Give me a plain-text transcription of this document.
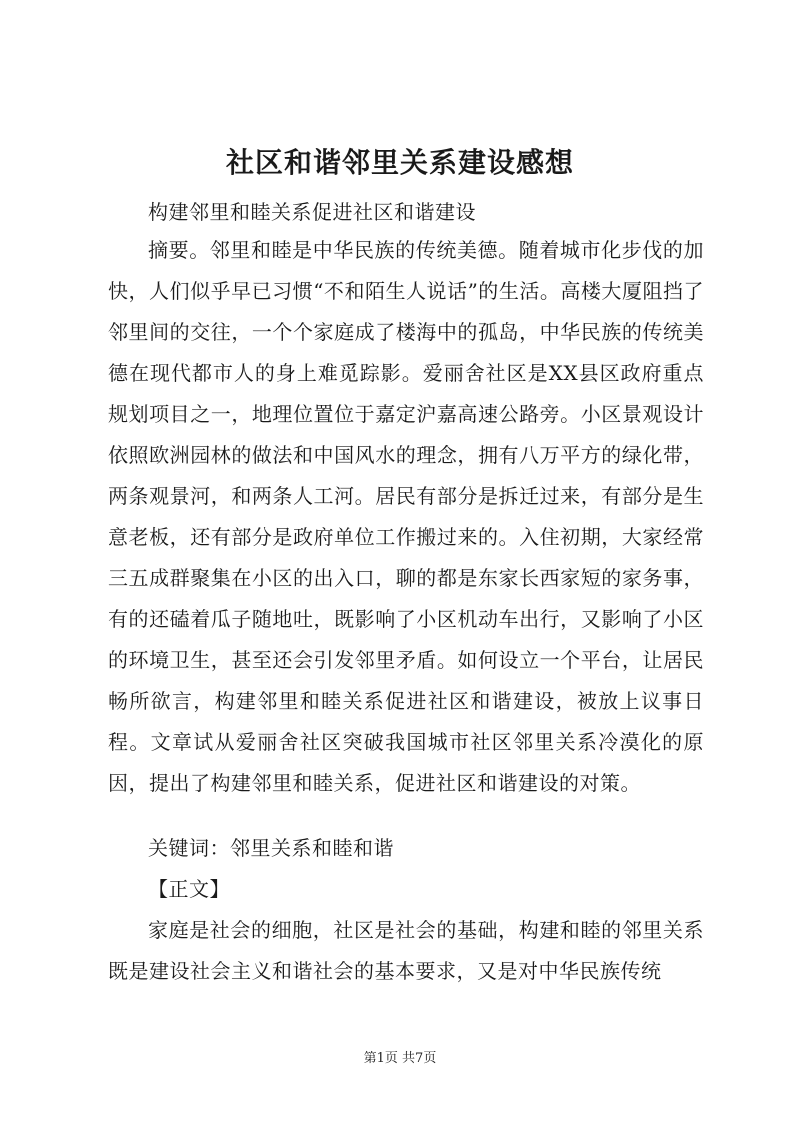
社区和谐邻里关系建设感想

构建邻里和睦关系促进社区和谐建设

摘要。邻里和睦是中华民族的传统美德。随着城市化步伐的加快，人们似乎早已习惯“不和陌生人说话”的生活。高楼大厦阻挡了邻里间的交往，一个个家庭成了楼海中的孤岛，中华民族的传统美德在现代都市人的身上难觅踪影。爱丽舍社区是XX县区政府重点规划项目之一，地理位置位于嘉定沪嘉高速公路旁。小区景观设计依照欧洲园林的做法和中国风水的理念，拥有八万平方的绿化带，两条观景河，和两条人工河。居民有部分是拆迁过来，有部分是生意老板，还有部分是政府单位工作搬过来的。入住初期，大家经常三五成群聚集在小区的出入口，聊的都是东家长西家短的家务事，有的还磕着瓜子随地吐，既影响了小区机动车出行，又影响了小区的环境卫生，甚至还会引发邻里矛盾。如何设立一个平台，让居民畅所欲言，构建邻里和睦关系促进社区和谐建设，被放上议事日程。文章试从爱丽舍社区突破我国城市社区邻里关系冷漠化的原因，提出了构建邻里和睦关系，促进社区和谐建设的对策。

关键词：邻里关系和睦和谐

【正文】

家庭是社会的细胞，社区是社会的基础，构建和睦的邻里关系既是建设社会主义和谐社会的基本要求，又是对中华民族传统

第1页 共7页
